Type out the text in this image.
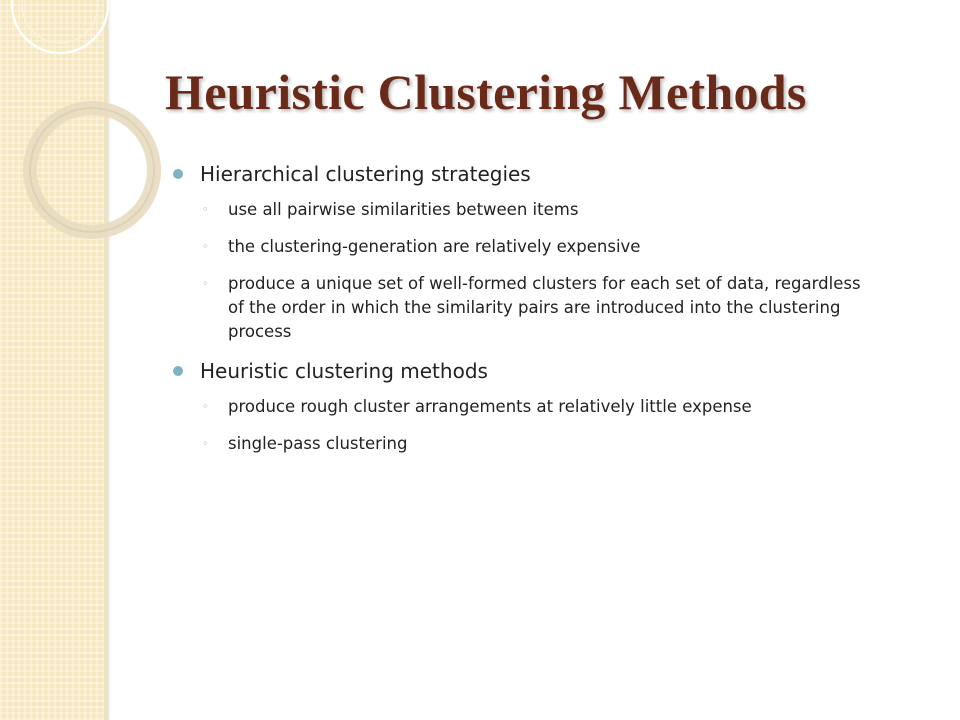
Heuristic Clustering Methods
Hierarchical clustering strategies
◦ use all pairwise similarities between items
◦ the clustering-generation are relatively expensive
◦ produce a unique set of well-formed clusters for each set of data, regardless of the order in which the similarity pairs are introduced into the clustering process
Heuristic clustering methods
◦ produce rough cluster arrangements at relatively little expense
◦ single-pass clustering
